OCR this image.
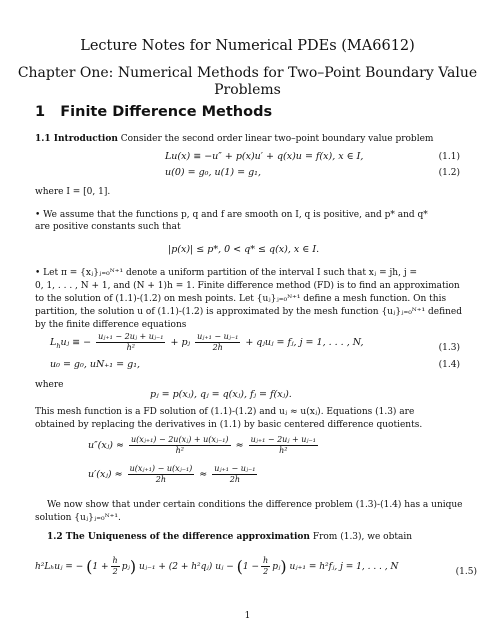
Lecture Notes for Numerical PDEs (MA6612)
Chapter One: Numerical Methods for Two–Point Boundary Value
Problems
1 Finite Difference Methods
1.1 Introduction Consider the second order linear two–point boundary value problem
Lu(x) ≡ −u″ + p(x)u′ + q(x)u = f(x), x ∈ I,	(1.1)
u(0) = g₀, u(1) = g₁,	(1.2)
where I = [0, 1].
• We assume that the functions p, q and f are smooth on I, q is positive, and p* and q*
are positive constants such that
|p(x)| ≤ p*, 0 < q* ≤ q(x), x ∈ I.
• Let π = {xⱼ}ⱼ₌₀ᴺ⁺¹ denote a uniform partition of the interval I such that xⱼ = jh, j =
0, 1, . . . , N + 1, and (N + 1)h = 1. Finite difference method (FD) is to find an approximation
to the solution of (1.1)-(1.2) on mesh points. Let {uⱼ}ⱼ₌₀ᴺ⁺¹ define a mesh function. On this
partition, the solution u of (1.1)-(1.2) is approximated by the mesh function {uⱼ}ⱼ₌₀ᴺ⁺¹ defined
by the finite difference equations
$L_huⱼ$ ≡ − $\frac{\text{uⱼ₊₁ − 2uⱼ + uⱼ₋₁}}{\text{h²}}$ + pⱼ $\frac{\text{uⱼ₊₁ − uⱼ₋₁}}{2h}$ + qⱼuⱼ = fⱼ, j = 1, . . . , N,	(1.3)
u₀ = g₀, uN₊₁ = g₁,	(1.4)
where
pⱼ = p(xⱼ), qⱼ = q(xⱼ), fⱼ = f(xⱼ).
This mesh function is a FD solution of (1.1)-(1.2) and uⱼ ≈ u(xⱼ). Equations (1.3) are
obtained by replacing the derivatives in (1.1) by basic centered difference quotients.
u″(xⱼ) ≈ $\frac{\text{u(xⱼ₊₁) − 2u(xⱼ) + u(xⱼ₋₁)}}{\text{h²}} \approx \frac{\text{uⱼ₊₁ − 2uⱼ + uⱼ₋₁}}{\text{h²}}$
u′(xⱼ) ≈ $\frac{\text{u(xⱼ₊₁) − u(xⱼ₋₁)}}{2h} \approx \frac{\text{uⱼ₊₁ − uⱼ₋₁}}{2h}$
We now show that under certain conditions the difference problem (1.3)-(1.4) has a unique
solution {uⱼ}ⱼ₌₀ᴺ⁺¹.
1.2 The Uniqueness of the difference approximation From (1.3), we obtain
h²Lₕuⱼ = − ($1 + \frac{h}{2}$ pⱼ) uⱼ₋₁ + (2 + h²qⱼ) uⱼ − ($1 - \frac{h}{2}$ pⱼ) uⱼ₊₁ = h²fⱼ, j = 1, . . . , N	(1.5)
1
